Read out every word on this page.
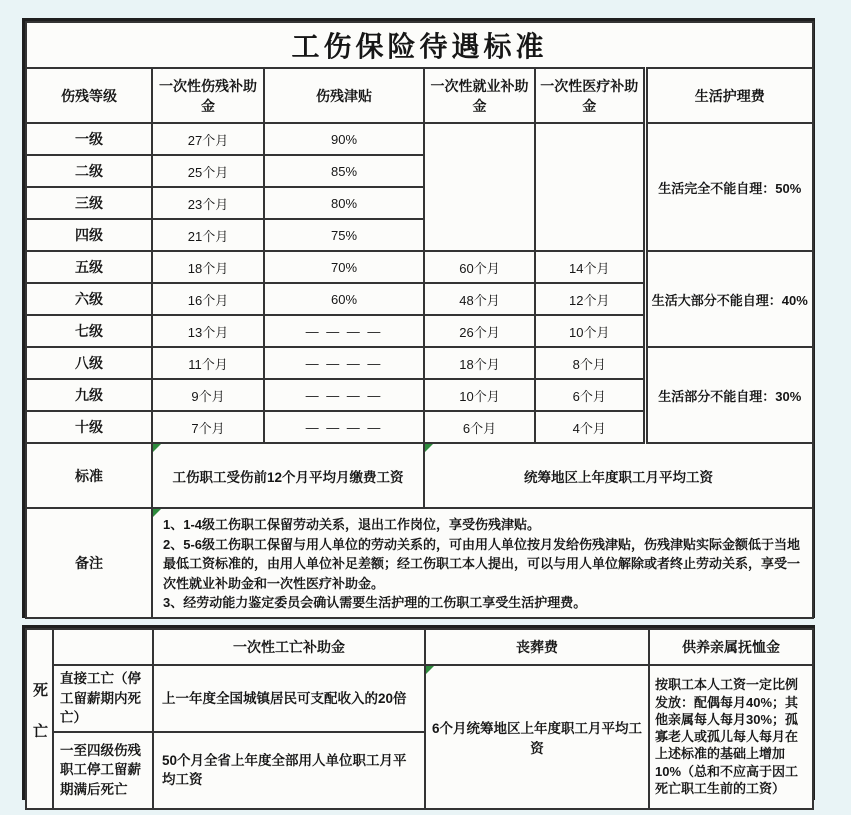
工伤保险待遇标准					
伤残等级	一次性伤残补助金	伤残津贴	一次性就业补助金	一次性医疗补助金	生活护理费
一级	27个月	90%			生活完全不能自理：50%
二级	25个月	85%			
三级	23个月	80%			
四级	21个月	75%			
五级	18个月	70%	60个月	14个月	生活大部分不能自理：40%
六级	16个月	60%	48个月	12个月	
七级	13个月	— — — —	26个月	10个月	
八级	11个月	— — — —	18个月	8个月	生活部分不能自理：30%
九级	9个月	— — — —	10个月	6个月	
十级	7个月	— — — —	6个月	4个月	
标准	工伤职工受伤前12个月平均月缴费工资		统筹地区上年度职工月平均工资		
备注	1、1-4级工伤职工保留劳动关系，退出工作岗位，享受伤残津贴。
2、5-6级工伤职工保留与用人单位的劳动关系的，可由用人单位按月发给伤残津贴，伤残津贴实际金额低于当地最低工资标准的，由用人单位补足差额；经工伤职工本人提出，可以与用人单位解除或者终止劳动关系，享受一次性就业补助金和一次性医疗补助金。
3、经劳动能力鉴定委员会确认需要生活护理的工伤职工享受生活护理费。				
死亡		一次性工亡补助金	丧葬费	供养亲属抚恤金
	直接工亡（停工留薪期内死亡）	上一年度全国城镇居民可支配收入的20倍	6个月统筹地区上年度职工月平均工资	按职工本人工资一定比例发放：配偶每月40%；其他亲属每人每月30%；孤寡老人或孤儿每人每月在上述标准的基础上增加10%（总和不应高于因工死亡职工生前的工资）
	一至四级伤残职工停工留薪期满后死亡	50个月全省上年度全部用人单位职工月平均工资		
